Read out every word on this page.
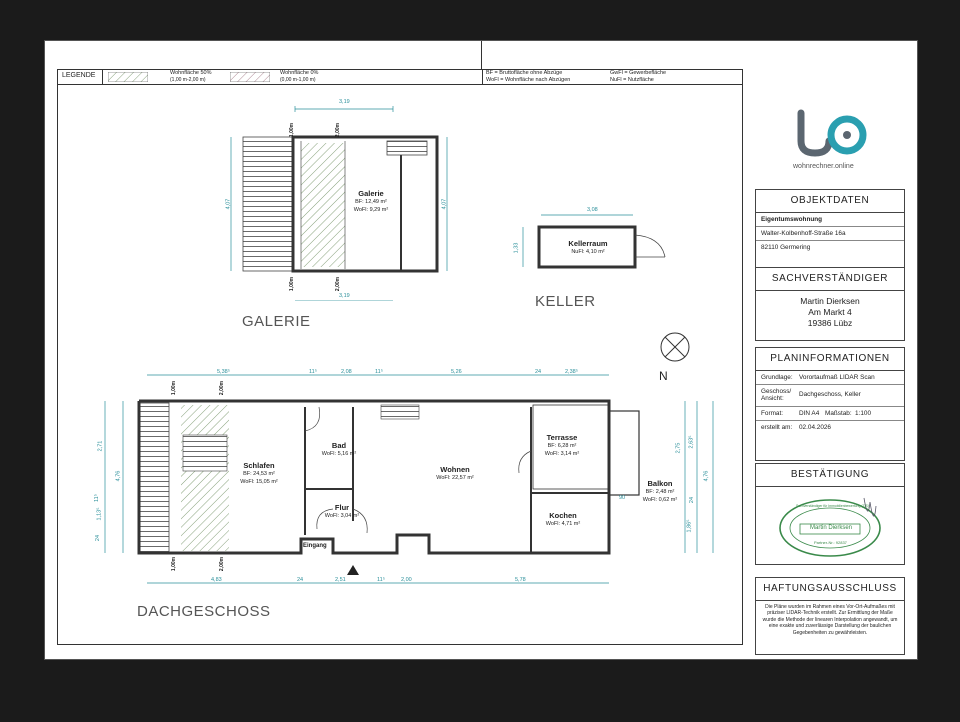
LEGENDE	Wohnfläche 50%
(1,00 m-2,00 m)
Wohnfläche 0%
(0,00 m-1,00 m)
BF = Bruttofläche ohne Abzüge
WoFl = Wohnfläche nach Abzügen
GwFl = Gewerbefläche
NuFl = Nutzfläche
3,19
3,19
4,07	4,07
1,00m	2,00m
1,00m	2,00m
Galerie
BF: 12,49 m²
WoFl: 9,29 m²
GALERIE
3,08
1,33	Kellerraum
NuFl: 4,10 m²
KELLER
N
5,38⁵	11⁵	2,08	11⁵	5,26	24	2,38⁵
4,83	24	2,51	11⁵	2,00	5,78
2,71
4,76
1,13⁵
11⁵
24
2,75 2,63⁵
4,76
24
1,86⁵
90
1,00m	2,00m
1,00m	2,00m
Schlafen
BF: 24,53 m²
WoFl: 15,05 m²
Bad
WoFl: 5,16 m²
Flur
WoFl: 3,04 m²
Wohnen
WoFl: 22,57 m²
Terrasse
BF: 6,28 m²
WoFl: 3,14 m²
Balkon
BF: 2,48 m²
WoFl: 0,62 m²
Kochen
WoFl: 4,71 m²
Eingang
DACHGESCHOSS
wohnrechner.online
OBJEKTDATEN
Eigentumswohnung
Walter-Kolbenhoff-Straße 16a
82110 Germering
SACHVERSTÄNDIGER
Martin Dierksen
Am Markt 4
19386 Lübz
PLANINFORMATIONEN
Grundlage: Vorortaufmaß LIDAR Scan
Geschoss/ Ansicht:
Dachgeschoss, Keller
Format:	DIN A4 Maßstab: 1:100
erstellt am:	02.04.2026
BESTÄTIGUNG
Sachverständiger für Immobilienbewertung (ZIS)
Martin Dierksen
Partner-Nr.: 92837
HAFTUNGSAUSSCHLUSS
Die Pläne wurden im Rahmen eines Vor-Ort-Aufmaßes mit präziser LIDAR-Technik erstellt. Zur Ermittlung der Maße wurde die Methode der linearen Interpolation angewandt, um eine exakte und zuverlässige Darstellung der baulichen Gegebenheiten zu gewährleisten.
